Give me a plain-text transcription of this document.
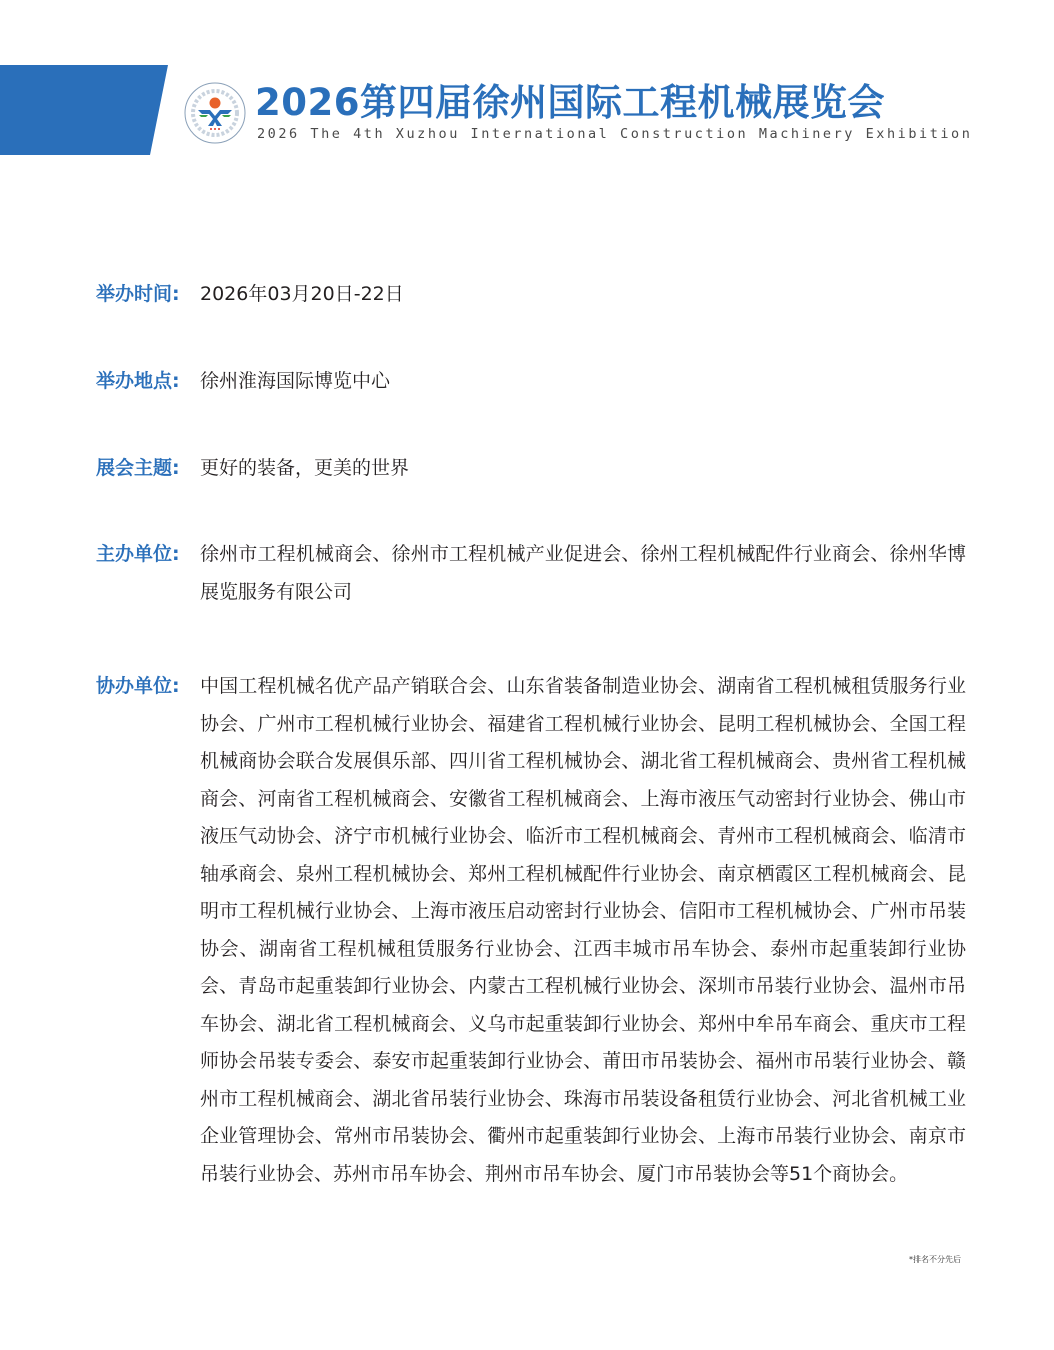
2026第四届徐州国际工程机械展览会
2026 The 4th Xuzhou International Construction Machinery Exhibition
举办时间:	2026年03月20日-22日
举办地点:	徐州淮海国际博览中心
展会主题:	更好的装备，更美的世界
主办单位:	徐州市工程机械商会、徐州市工程机械产业促进会、徐州工程机械配件行业商会、徐州华博展览服务有限公司
协办单位:	中国工程机械名优产品产销联合会、山东省装备制造业协会、湖南省工程机械租赁服务行业协会、广州市工程机械行业协会、福建省工程机械行业协会、昆明工程机械协会、全国工程机械商协会联合发展俱乐部、四川省工程机械协会、湖北省工程机械商会、贵州省工程机械商会、河南省工程机械商会、安徽省工程机械商会、上海市液压气动密封行业协会、佛山市液压气动协会、济宁市机械行业协会、临沂市工程机械商会、青州市工程机械商会、临清市轴承商会、泉州工程机械协会、郑州工程机械配件行业协会、南京栖霞区工程机械商会、昆明市工程机械行业协会、上海市液压启动密封行业协会、信阳市工程机械协会、广州市吊装协会、湖南省工程机械租赁服务行业协会、江西丰城市吊车协会、泰州市起重装卸行业协会、青岛市起重装卸行业协会、内蒙古工程机械行业协会、深圳市吊装行业协会、温州市吊车协会、湖北省工程机械商会、义乌市起重装卸行业协会、郑州中牟吊车商会、重庆市工程师协会吊装专委会、泰安市起重装卸行业协会、莆田市吊装协会、福州市吊装行业协会、赣州市工程机械商会、湖北省吊装行业协会、珠海市吊装设备租赁行业协会、河北省机械工业企业管理协会、常州市吊装协会、衢州市起重装卸行业协会、上海市吊装行业协会、南京市吊装行业协会、苏州市吊车协会、荆州市吊车协会、厦门市吊装协会等51个商协会。
*排名不分先后
